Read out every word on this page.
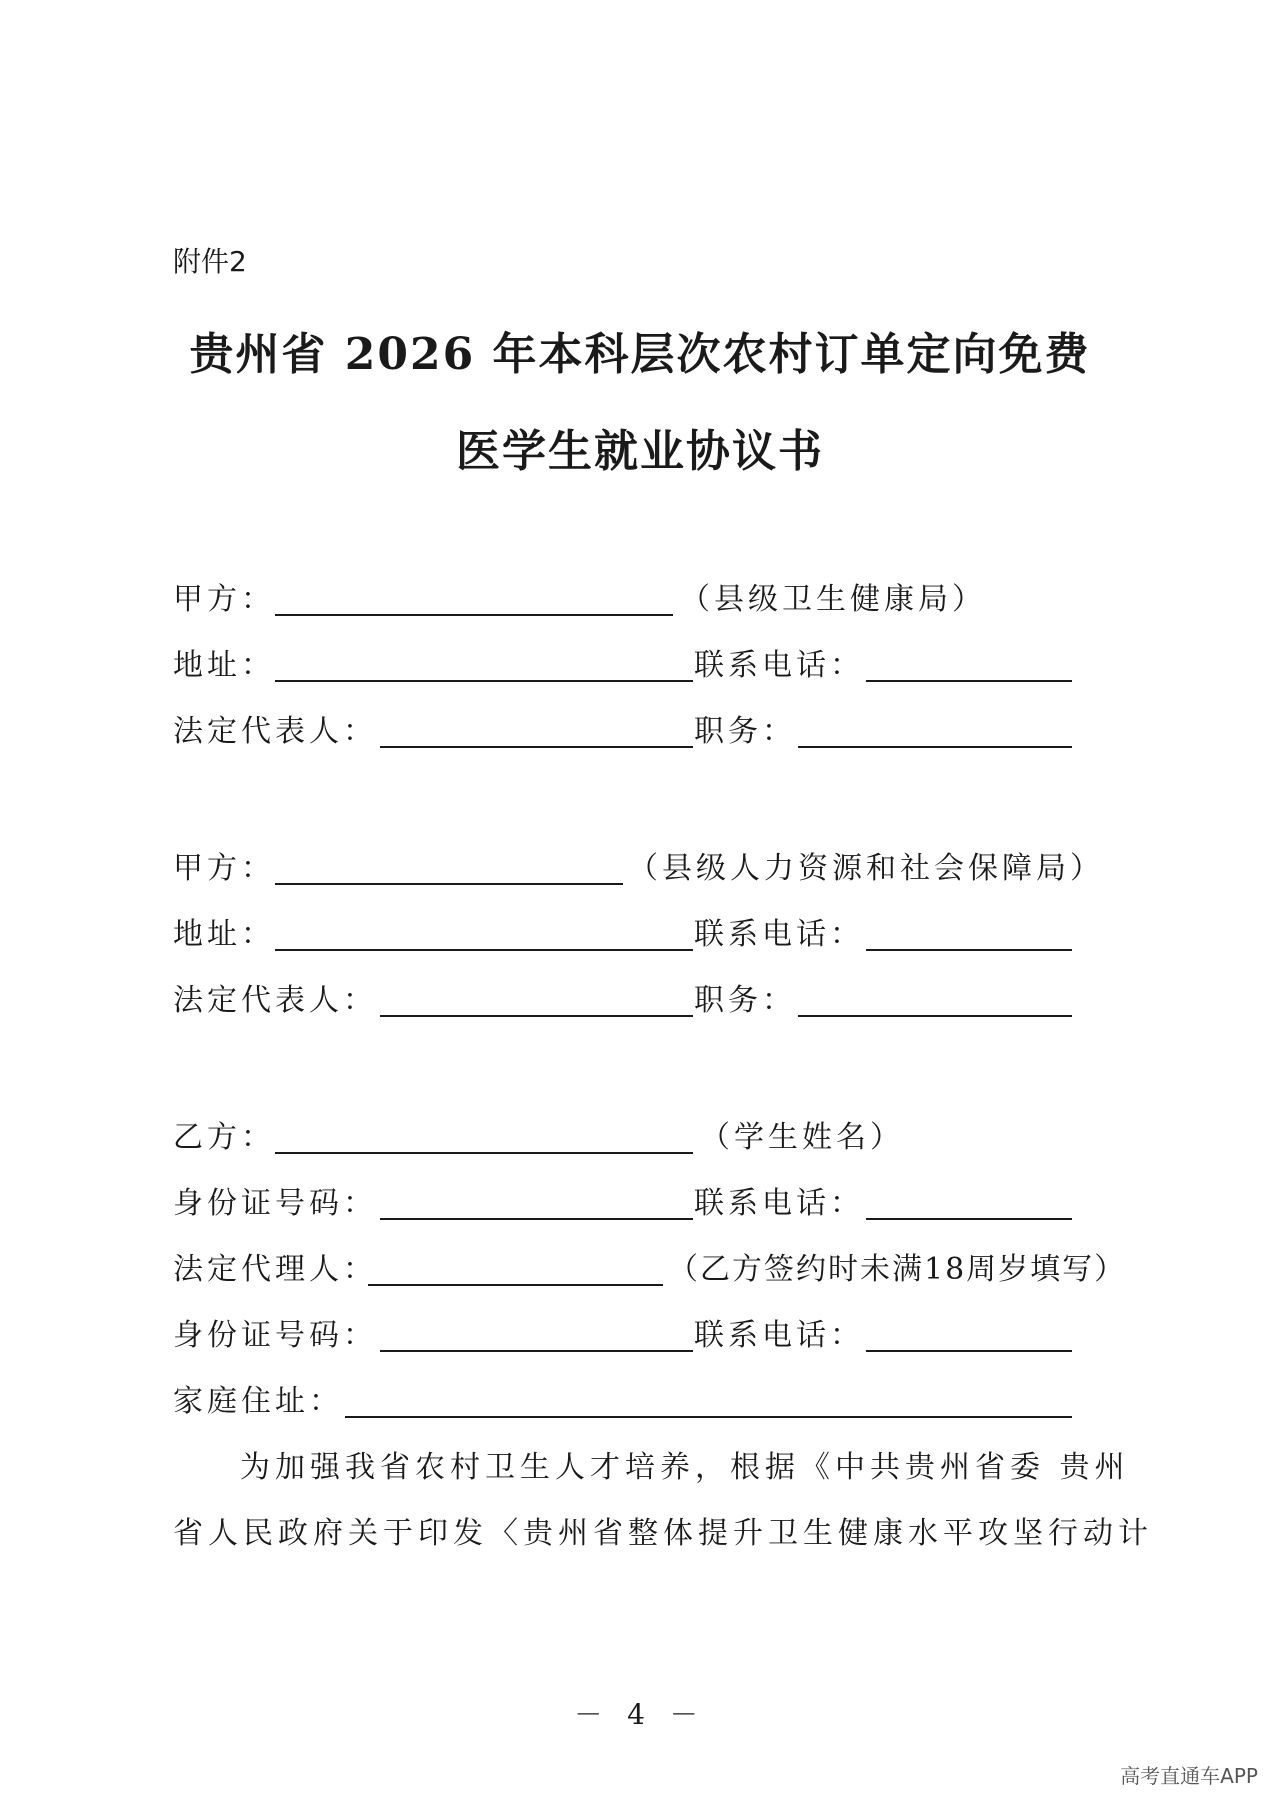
附件2
贵州省 2026 年本科层次农村订单定向免费
医学生就业协议书
甲方：	（县级卫生健康局）
地址：	联系电话：
法定代表人：	职务：
甲方：	（县级人力资源和社会保障局）
地址：	联系电话：
法定代表人：	职务：
乙方：	（学生姓名）
身份证号码：	联系电话：
法定代理人：	（乙方签约时未满18周岁填写）
身份证号码：	联系电话：
家庭住址：
为加强我省农村卫生人才培养，根据《中共贵州省委 贵州
省人民政府关于印发〈贵州省整体提升卫生健康水平攻坚行动计
－ 4 －
高考直通车APP
